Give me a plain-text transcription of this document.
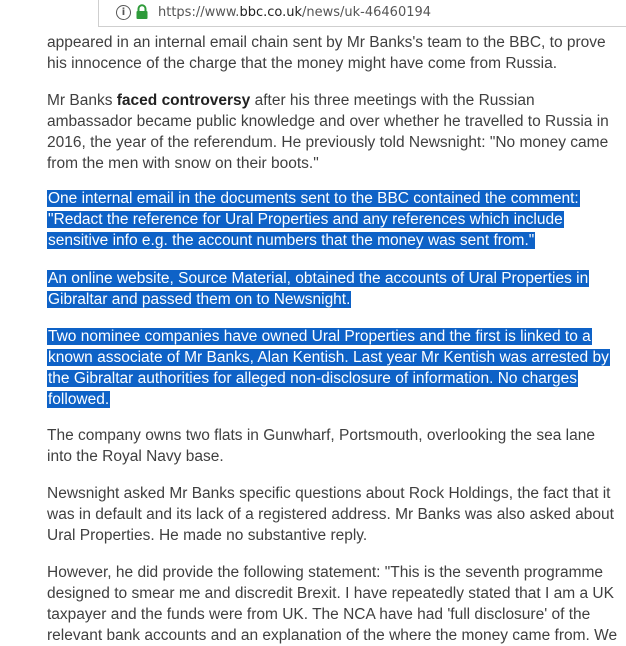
i	https://www.bbc.co.uk/news/uk-46460194

appeared in an internal email chain sent by Mr Banks's team to the BBC, to prove
his innocence of the charge that the money might have come from Russia.

Mr Banks faced controversy after his three meetings with the Russian
ambassador became public knowledge and over whether he travelled to Russia in
2016, the year of the referendum. He previously told Newsnight: "No money came
from the men with snow on their boots."

One internal email in the documents sent to the BBC contained the comment:
"Redact the reference for Ural Properties and any references which include
sensitive info e.g. the account numbers that the money was sent from."

An online website, Source Material, obtained the accounts of Ural Properties in
Gibraltar and passed them on to Newsnight.

Two nominee companies have owned Ural Properties and the first is linked to a
known associate of Mr Banks, Alan Kentish. Last year Mr Kentish was arrested by
the Gibraltar authorities for alleged non-disclosure of information. No charges
followed.

The company owns two flats in Gunwharf, Portsmouth, overlooking the sea lane
into the Royal Navy base.

Newsnight asked Mr Banks specific questions about Rock Holdings, the fact that it
was in default and its lack of a registered address. Mr Banks was also asked about
Ural Properties. He made no substantive reply.

However, he did provide the following statement: "This is the seventh programme
designed to smear me and discredit Brexit. I have repeatedly stated that I am a UK
taxpayer and the funds were from UK. The NCA have had 'full disclosure' of the
relevant bank accounts and an explanation of the where the money came from. We
